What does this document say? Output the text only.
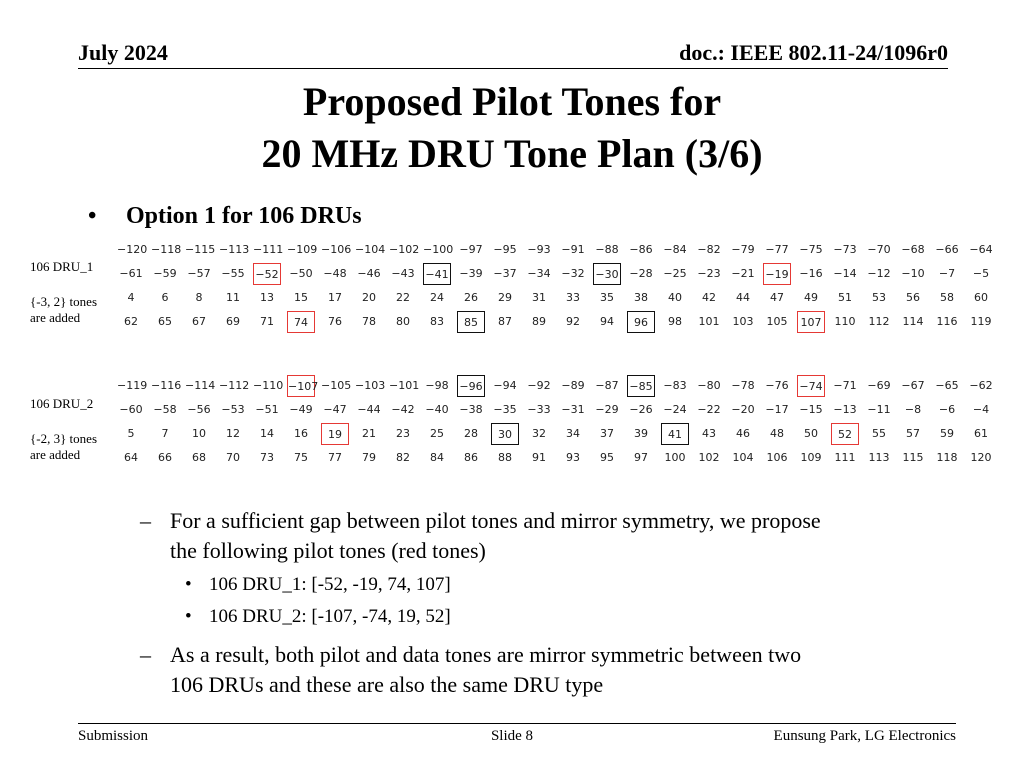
July 2024	doc.: IEEE 802.11-24/1096r0
Proposed Pilot Tones for
20 MHz DRU Tone Plan (3/6)
• Option 1 for 106 DRUs
106 DRU_1
{-3, 2} tones
are added
−120 −118 −115 −113 −111 −109 −106 −104 −102 −100 −97 −95 −93 −91 −88 −86 −84 −82 −79 −77 −75 −73 −70 −68 −66 −64
−61 −59 −57 −55 −52 −50 −48 −46 −43 −41 −39 −37 −34 −32 −30 −28 −25 −23 −21 −19 −16 −14 −12 −10	−7	−5
4	6	8	11	13	15	17	20	22	24	26	29	31	33	35	38	40	42	44	47	49	51	53	56	58	60
62	65	67	69	71	74	76	78	80	83	85	87	89	92	94	96	98	101	103	105	107	110	112	114	116	119
106 DRU_2
{-2, 3} tones
are added
−119 −116 −114 −112 −110 −107 −105 −103 −101 −98 −96 −94 −92 −89 −87 −85 −83 −80 −78 −76 −74 −71 −69 −67 −65 −62
−60 −58 −56 −53 −51 −49 −47 −44 −42 −40 −38 −35 −33 −31 −29 −26 −24 −22 −20 −17 −15 −13 −11	−8	−6	−4
5	7	10	12	14	16	19	21	23	25	28	30	32	34	37	39	41	43	46	48	50	52	55	57	59	61
64	66	68	70	73	75	77	79	82	84	86	88	91	93	95	97	100	102	104	106	109	111	113	115	118	120
– For a sufficient gap between pilot tones and mirror symmetry, we propose
the following pilot tones (red tones)
• 106 DRU_1: [-52, -19, 74, 107]
• 106 DRU_2: [-107, -74, 19, 52]
– As a result, both pilot and data tones are mirror symmetric between two
106 DRUs and these are also the same DRU type
Submission	Slide 8	Eunsung Park, LG Electronics
